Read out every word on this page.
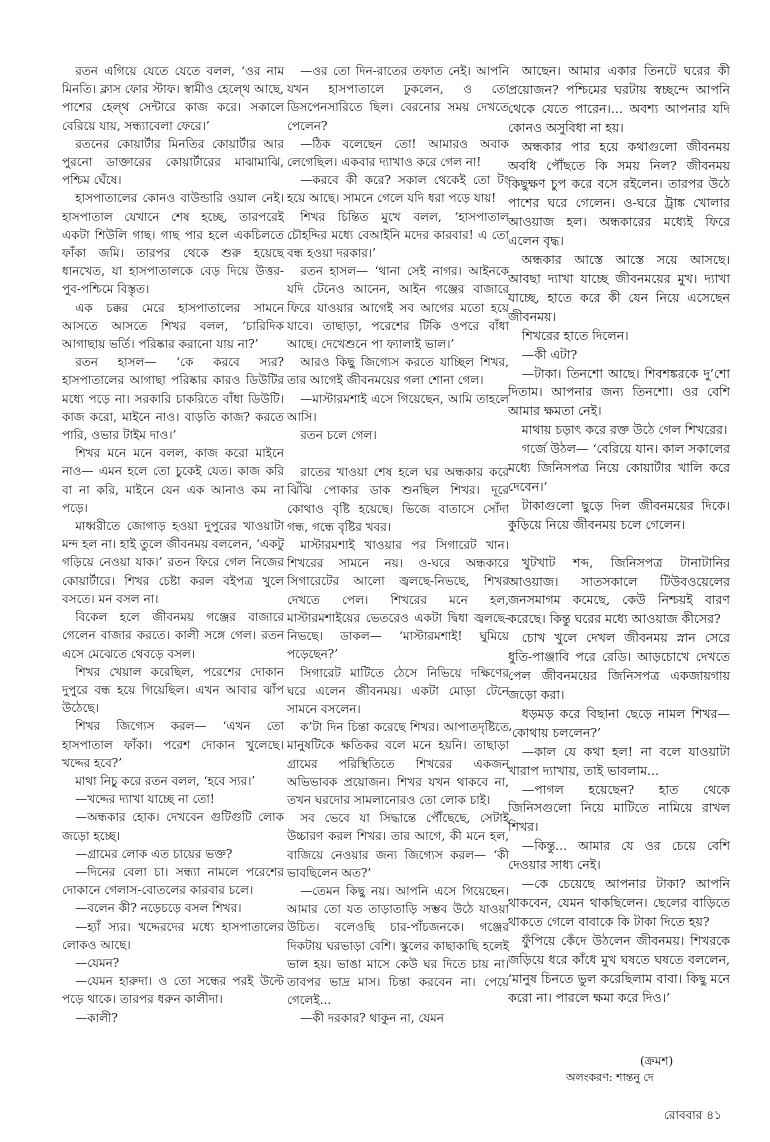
রতন এগিয়ে যেতে যেতে বলল, ‘ওর নাম মিনতি। ক্লাস ফোর স্টাফ। স্বামীও হেল্থে আছে, পাশের হেল্‌থ সেন্টারে কাজ করে। সকালে বেরিয়ে যায়, সন্ধ্যাবেলা ফেরে।’

রতনের কোয়ার্টার মিনতির কোয়ার্টার আর পুরনো ডাক্তারের কোয়ার্টারের মাঝামাঝি, পশ্চিম ঘেঁষে।

হাসপাতালের কোনও বাউন্ডারি ওয়াল নেই। হাসপাতাল যেখানে শেষ হচ্ছে, তারপরেই একটা শিউলি গাছ। গাছ পার হলে একচিলতে ফাঁকা জমি। তারপর থেকে শুরু হয়েছে ধানখেত, যা হাসপাতালকে বেড় দিয়ে উত্তর-পুব-পশ্চিমে বিস্তৃত।

এক চক্কর মেরে হাসপাতালের সামনে আসতে আসতে শিখর বলল, ‘চারিদিক আগাছায় ভর্তি। পরিষ্কার করানো যায় না?’

রতন হাসল— ‘কে করবে স্যর? হাসপাতালের আগাছা পরিষ্কার কারও ডিউটির মধ্যে পড়ে না। সরকারি চাকরিতে বাঁধা ডিউটি। কাজ করো, মাইনে নাও। বাড়তি কাজ? করতে পারি, ওভার টাইম দাও।’

শিখর মনে মনে বলল, কাজ করো মাইনে নাও— এমন হলে তো চুকেই যেত। কাজ করি বা না করি, মাইনে যেন এক আনাও কম না পড়ে।

মাধ্বরীতে জোগাড় হওয়া দুপুরের খাওয়াটা মন্দ হল না। হাই তুলে জীবনময় বললেন, ‘একটু গড়িয়ে নেওয়া যাক।’ রতন ফিরে গেল নিজের কোয়ার্টারে। শিখর চেষ্টা করল বইপত্র খুলে বসতে। মন বসল না।

বিকেল হলে জীবনময় গঞ্জের বাজারে গেলেন বাজার করতে। কালী সঙ্গে গেল। রতন এসে মেঝেতে থেবড়ে বসল।

শিখর খেয়াল করেছিল, পরেশের দোকান দুপুরে বন্ধ হয়ে গিয়েছিল। এখন আবার ঝাঁপ উঠেছে।

শিখর জিগ্যেস করল— ‘এখন তো হাসপাতাল ফাঁকা। পরেশ দোকান খুলেছে। খদ্দের হবে?’

মাথা নিচু করে রতন বলল, ‘হবে স্যর।’

—খদ্দের দ্যাখা যাচ্ছে না তো!

—অন্ধকার হোক। দেখবেন গুটিগুটি লোক জড়ো হচ্ছে।

—গ্রামের লোক এত চায়ের ভক্ত?

—দিনের বেলা চা। সন্ধ্যা নামলে পরেশের দোকানে গেলাস-বোতলের কারবার চলে।

—বলেন কী? নড়েচড়ে বসল শিখর।

—হ্যাঁ স্যর। খদ্দেরদের মধ্যে হাসপাতালের লোকও আছে।

—যেমন?

—যেমন হারুদা। ও তো সন্ধের পরই উল্টে পড়ে থাকে। তারপর ধরুন কালীদা।

—কালী?

—ওর তো দিন-রাতের তফাত নেই। আপনি যখন হাসপাতালে ঢুকলেন, ও তো ডিসপেনসারিতে ছিল। বেরনোর সময় দেখতে পেলেন?

—ঠিক বলেছেন তো! আমারও অবাক লেগেছিল। একবার দ্যাখাও করে গেল না!

—করবে কী করে? সকাল থেকেই তো টং হয়ে আছে। সামনে গেলে যদি ধরা পড়ে যায়!

শিখর চিন্তিত মুখে বলল, ‘হাসপাতাল চৌহদ্দির মধ্যে বেআইনি মদের কারবার! এ তো বন্ধ হওয়া দরকার।’

রতন হাসল— ‘থানা সেই নাগর। আইনকে যদি টেনেও আনেন, আইন গঞ্জের বাজারে ফিরে যাওয়ার আগেই সব আগের মতো হয়ে যাবে। তাছাড়া, পরেশের টিকি ওপরে বাঁধা আছে। দেখেশুনে পা ফ্যালাই ভাল।’

আরও কিছু জিগ্যেস করতে যাচ্ছিল শিখর, তার আগেই জীবনময়ের গলা শোনা গেল।

—মাস্টারমশাই এসে গিয়েছেন, আমি তাহলে আসি।

রতন চলে গেল।

রাতের খাওয়া শেষ হলে ঘর অন্ধকার করে ঝিঁঝি পোকার ডাক শুনছিল শিখর। দূরে কোথাও বৃষ্টি হয়েছে। ভিজে বাতাসে সোঁদা গন্ধ, গন্ধে বৃষ্টির খবর।

মাস্টারমশাই খাওয়ার পর সিগারেট খান। শিখরের সামনে নয়। ও-ঘরে অন্ধকারে সিগারেটের আলো জ্বলছে-নিভছে, শিখর দেখতে পেল। শিখরের মনে হল, মাস্টারমশাইয়ের ভেতরেও একটা দ্বিধা জ্বলছে-নিভছে। ডাকল— ‘মাস্টারমশাই! ঘুমিয়ে পড়েছেন?’

সিগারেট মাটিতে ঠেসে নিভিয়ে দক্ষিণের ঘরে এলেন জীবনময়। একটা মোড়া টেনে সামনে বসলেন।

ক’টা দিন চিন্তা করেছে শিখর। আপাতদৃষ্টিতে মানুষটিকে ক্ষতিকর বলে মনে হয়নি। তাছাড়া গ্রামের পরিস্থিতিতে শিখরের একজন অভিভাবক প্রয়োজন। শিখর যখন থাকবে না, তখন ঘরদোর সামলানোরও তো লোক চাই।

সব ভেবে যা সিদ্ধান্তে পৌঁছেছে, সেটাই উচ্চারণ করল শিখর। তার আগে, কী মনে হল, বাজিয়ে নেওয়ার জন্য জিগ্যেস করল— ‘কী ভাবছিলেন অত?’

—তেমন কিছু নয়। আপনি এসে গিয়েছেন। আমার তো যত তাড়াতাড়ি সম্ভব উঠে যাওয়া উচিত। বলেওছি চার-পাঁচজনকে। গঞ্জের দিকটায় ঘরভাড়া বেশি। স্কুলের কাছাকাছি হলেই ভাল হয়। ভাঙা মাসে কেউ ঘর দিতে চায় না। তাবপর ভাদ্র মাস। চিন্তা করবেন না। পেয়ে গেলেই...

—কী দরকার? থাকুন না, যেমন

আছেন। আমার একার তিনটে ঘরের কী প্রয়োজন? পশ্চিমের ঘরটায় স্বচ্ছন্দে আপনি থেকে যেতে পারেন।... অবশ্য আপনার যদি কোনও অসুবিধা না হয়।

অন্ধকার পার হয়ে কথাগুলো জীবনময় অবধি পৌঁছতে কি সময় নিল? জীবনময় কিছুক্ষণ চুপ করে বসে রইলেন। তারপর উঠে পাশের ঘরে গেলেন। ও-ঘরে ট্রাঙ্ক খোলার আওয়াজ হল। অন্ধকারের মধ্যেই ফিরে এলেন বৃদ্ধ।

অন্ধকার আস্তে আস্তে সয়ে আসছে। আবছা দ্যাখা যাচ্ছে জীবনময়ের মুখ। দ্যাখা যাচ্ছে, হাতে করে কী যেন নিয়ে এসেছেন জীবনময়।

শিখরের হাতে দিলেন।

—কী এটা?

—টাকা। তিনশো আছে। শিবশঙ্করকে দু’শো দিতাম। আপনার জন্য তিনশো। ওর বেশি আমার ক্ষমতা নেই।

মাথায় চড়াৎ করে রক্ত উঠে গেল শিখরের।

গর্জে উঠল— ‘বেরিয়ে যান। কাল সকালের মধ্যে জিনিসপত্র নিয়ে কোয়ার্টার খালি করে দেবেন।’

টাকাগুলো ছুড়ে দিল জীবনময়ের দিকে। কুড়িয়ে নিয়ে জীবনময় চলে গেলেন।

খুটখাট শব্দ, জিনিসপত্র টানাটানির আওয়াজ। সাতসকালে টিউবওয়েলের জনসমাগম কমেছে, কেউ নিশ্চয়ই বারণ করেছে। কিন্তু ঘরের মধ্যে আওয়াজ কীসের?

চোখ খুলে দেখল জীবনময় স্নান সেরে ধুতি-পাঞ্জাবি পরে রেডি। আড়চোখে দেখতে পেল জীবনময়ের জিনিসপত্র একজায়গায় জড়ো করা।

ধড়মড় করে বিছানা ছেড়ে নামল শিখর— ‘কোথায় চললেন?’

—কাল যে কথা হল! না বলে যাওয়াটা খারাপ দ্যাখায়, তাই ভাবলাম...

—পাগল হয়েছেন? হাত থেকে জিনিসগুলো নিয়ে মাটিতে নামিয়ে রাখল শিখর।

—কিন্তু... আমার যে ওর চেয়ে বেশি দেওয়ার সাধ্য নেই।

—কে চেয়েছে আপনার টাকা? আপনি থাকবেন, যেমন থাকছিলেন। ছেলের বাড়িতে থাকতে গেলে বাবাকে কি টাকা দিতে হয়?

ফুঁপিয়ে কেঁদে উঠলেন জীবনময়। শিখরকে জড়িয়ে ধরে কাঁধে মুখ ঘষতে ঘষতে বললেন, ‘মানুষ চিনতে ভুল করেছিলাম বাবা। কিছু মনে করো না। পারলে ক্ষমা করে দিও।’

(ক্রমশ)
অলংকরণ: শান্তনু দে
রোববার ৪১
